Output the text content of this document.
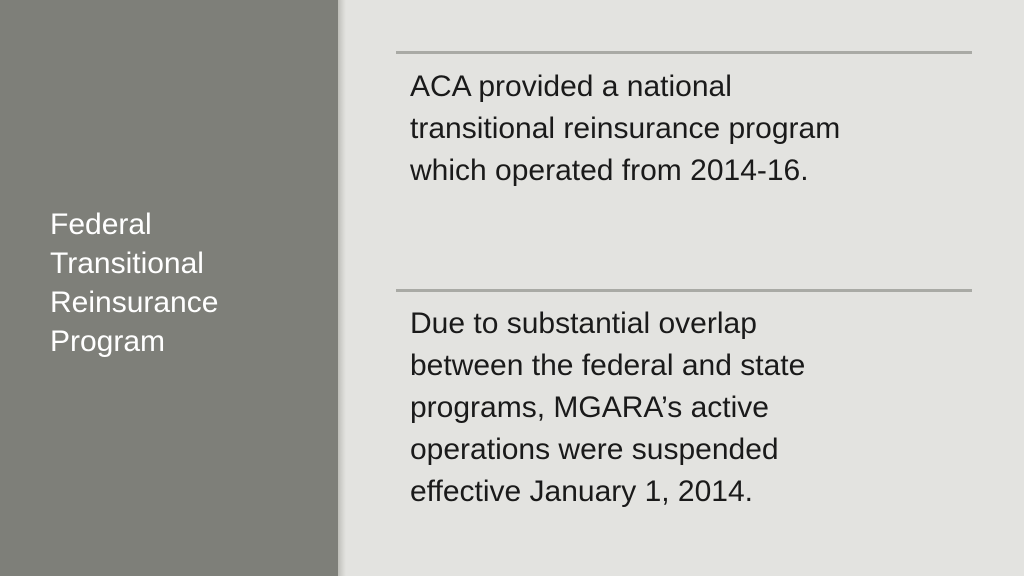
Federal
Transitional
Reinsurance
Program
ACA provided a national
transitional reinsurance program
which operated from 2014-16.
Due to substantial overlap
between the federal and state
programs, MGARA’s active
operations were suspended
effective January 1, 2014.
